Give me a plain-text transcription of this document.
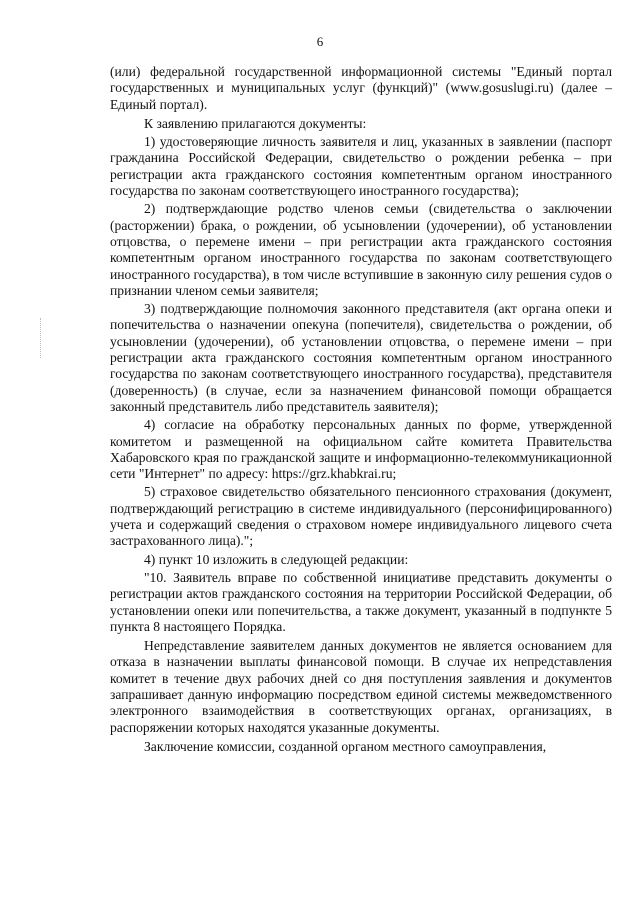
6

(или) федеральной государственной информационной системы "Единый портал государственных и муниципальных услуг (функций)" (www.gosuslugi.ru) (далее – Единый портал).

К заявлению прилагаются документы:

1) удостоверяющие личность заявителя и лиц, указанных в заявлении (паспорт гражданина Российской Федерации, свидетельство о рождении ребенка – при регистрации акта гражданского состояния компетентным органом иностранного государства по законам соответствующего иностранного государства);

2) подтверждающие родство членов семьи (свидетельства о заключении (расторжении) брака, о рождении, об усыновлении (удочерении), об установлении отцовства, о перемене имени – при регистрации акта гражданского состояния компетентным органом иностранного государства по законам соответствующего иностранного государства), в том числе вступившие в законную силу решения судов о признании членом семьи заявителя;

3) подтверждающие полномочия законного представителя (акт органа опеки и попечительства о назначении опекуна (попечителя), свидетельства о рождении, об усыновлении (удочерении), об установлении отцовства, о перемене имени – при регистрации акта гражданского состояния компетентным органом иностранного государства по законам соответствующего иностранного государства), представителя (доверенность) (в случае, если за назначением финансовой помощи обращается законный представитель либо представитель заявителя);

4) согласие на обработку персональных данных по форме, утвержденной комитетом и размещенной на официальном сайте комитета Правительства Хабаровского края по гражданской защите и информационно-телекоммуникационной сети "Интернет" по адресу: https://grz.khabkrai.ru;

5) страховое свидетельство обязательного пенсионного страхования (документ, подтверждающий регистрацию в системе индивидуального (персонифицированного) учета и содержащий сведения о страховом номере индивидуального лицевого счета застрахованного лица).";

4) пункт 10 изложить в следующей редакции:

"10. Заявитель вправе по собственной инициативе представить документы о регистрации актов гражданского состояния на территории Российской Федерации, об установлении опеки или попечительства, а также документ, указанный в подпункте 5 пункта 8 настоящего Порядка.

Непредставление заявителем данных документов не является основанием для отказа в назначении выплаты финансовой помощи. В случае их непредставления комитет в течение двух рабочих дней со дня поступления заявления и документов запрашивает данную информацию посредством единой системы межведомственного электронного взаимодействия в соответствующих органах, организациях, в распоряжении которых находятся указанные документы.

Заключение комиссии, созданной органом местного самоуправления,
